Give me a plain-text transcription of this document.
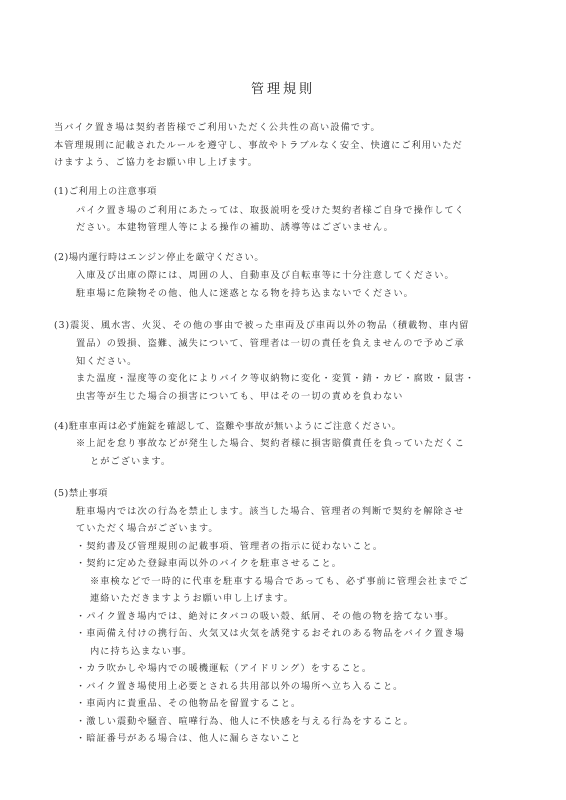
管理規則
当バイク置き場は契約者皆様でご利用いただく公共性の高い設備です。
本管理規則に記載されたルールを遵守し、事故やトラブルなく安全、快適にご利用いただ
けますよう、ご協力をお願い申し上げます。
(1)ご利用上の注意事項
パイク置き場のご利用にあたっては、取扱説明を受けた契約者様ご自身で操作してく
ださい。本建物管理人等による操作の補助、誘導等はございません。
(2)場内運行時はエンジン停止を厳守ください。
入庫及び出庫の際には、周囲の人、自動車及び自転車等に十分注意してください。
駐車場に危険物その他、他人に迷惑となる物を持ち込まないでください。
(3)震災、風水害、火災、その他の事由で被った車両及び車両以外の物品（積載物、車内留
置品）の毀損、盗難、滅失について、管理者は一切の責任を負えませんので予めご承
知ください。
また温度・湿度等の変化によりバイク等収納物に変化・変質・錆・カビ・腐敗・鼠害・
虫害等が生じた場合の損害についても、甲はその一切の責めを負わない
(4)駐車車両は必ず施錠を確認して、盗難や事故が無いようにご注意ください。
※上記を怠り事故などが発生した場合、契約者様に損害賠償責任を負っていただくこ
とがございます。
(5)禁止事項
駐車場内では次の行為を禁止します。該当した場合、管理者の判断で契約を解除させ
ていただく場合がございます。
・契約書及び管理規則の記載事項、管理者の指示に従わないこと。
・契約に定めた登録車両以外のバイクを駐車させること。
※車検などで一時的に代車を駐車する場合であっても、必ず事前に管理会社までご
連絡いただきますようお願い申し上げます。
・パイク置き場内では、絶対にタバコの吸い殻、紙屑、その他の物を捨てない事。
・車両備え付けの携行缶、火気又は火気を誘発するおそれのある物品をバイク置き場
内に持ち込まない事。
・カラ吹かしや場内での暖機運転（アイドリング）をすること。
・バイク置き場使用上必要とされる共用部以外の場所へ立ち入ること。
・車両内に貴重品、その他物品を留置すること。
・激しい震動や騒音、喧嘩行為、他人に不快感を与える行為をすること。
・暗証番号がある場合は、他人に漏らさないこと
